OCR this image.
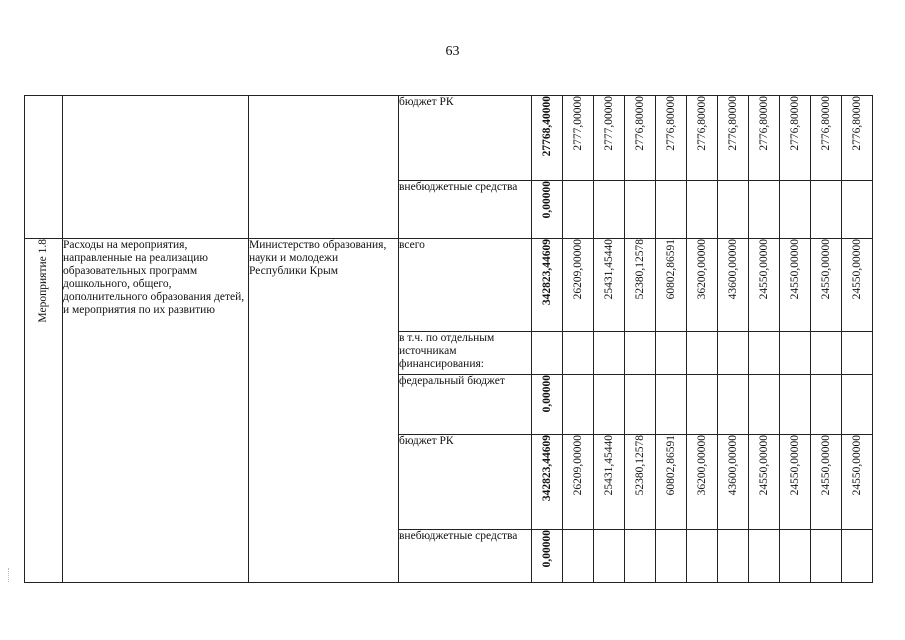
63
			бюджет РК	27768,40000	2777,00000	2777,00000	2776,80000	2776,80000	2776,80000	2776,80000	2776,80000	2776,80000	2776,80000	2776,80000
			внебюджетные средства	0,00000										
Мероприятие 1.8	Расходы на мероприятия, направленные на реализацию образовательных программ дошкольного, общего, дополнительного образования детей, и мероприятия по их развитию	Министерство образования, науки и молодежи Республики Крым	всего	342823,44609	26209,00000	25431,45440	52380,12578	60802,86591	36200,00000	43600,00000	24550,00000	24550,00000	24550,00000	24550,00000
			в т.ч. по отдельным источникам финансирования:											
			федеральный бюджет	0,00000										
			бюджет РК	342823,44609	26209,00000	25431,45440	52380,12578	60802,86591	36200,00000	43600,00000	24550,00000	24550,00000	24550,00000	24550,00000
			внебюджетные средства	0,00000										
